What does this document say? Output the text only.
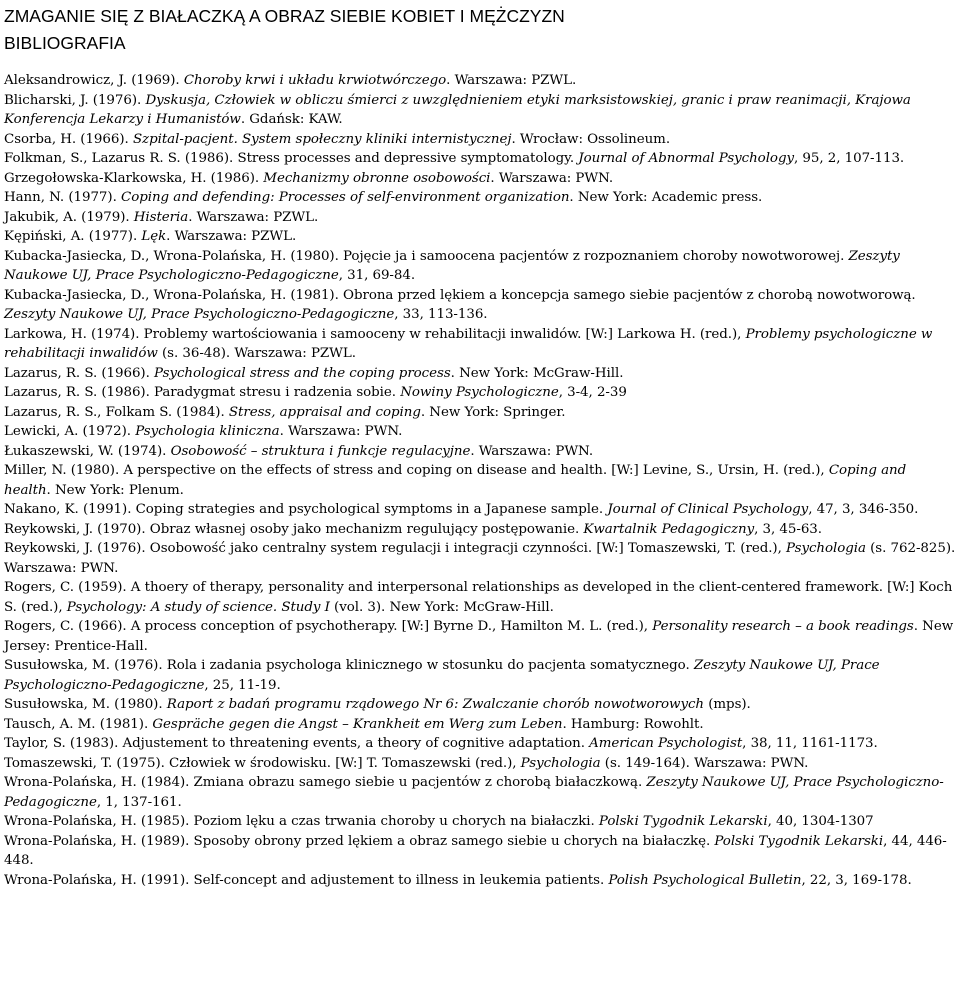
ZMAGANIE SIĘ Z BIAŁACZKĄ A OBRAZ SIEBIE KOBIET I MĘŻCZYZN
BIBLIOGRAFIA

Aleksandrowicz, J. (1969). Choroby krwi i układu krwiotwórczego. Warszawa: PZWL.

Blicharski, J. (1976). Dyskusja, Człowiek w obliczu śmierci z uwzględnieniem etyki marksistowskiej, granic i praw reanimacji, Krajowa Konferencja Lekarzy i Humanistów. Gdańsk: KAW.

Csorba, H. (1966). Szpital-pacjent. System społeczny kliniki internistycznej. Wrocław: Ossolineum.

Folkman, S., Lazarus R. S. (1986). Stress processes and depressive symptomatology. Journal of Abnormal Psychology, 95, 2, 107-113.

Grzegołowska-Klarkowska, H. (1986). Mechanizmy obronne osobowości. Warszawa: PWN.

Hann, N. (1977). Coping and defending: Processes of self-environment organization. New York: Academic press.

Jakubik, A. (1979). Histeria. Warszawa: PZWL.

Kępiński, A. (1977). Lęk. Warszawa: PZWL.

Kubacka-Jasiecka, D., Wrona-Polańska, H. (1980). Pojęcie ja i samoocena pacjentów z rozpoznaniem choroby nowotworowej. Zeszyty Naukowe UJ, Prace Psychologiczno-Pedagogiczne, 31, 69-84.

Kubacka-Jasiecka, D., Wrona-Polańska, H. (1981). Obrona przed lękiem a koncepcja samego siebie pacjentów z chorobą nowotworową. Zeszyty Naukowe UJ, Prace Psychologiczno-Pedagogiczne, 33, 113-136.

Larkowa, H. (1974). Problemy wartościowania i samooceny w rehabilitacji inwalidów. [W:] Larkowa H. (red.), Problemy psychologiczne w rehabilitacji inwalidów (s. 36-48). Warszawa: PZWL.

Lazarus, R. S. (1966). Psychological stress and the coping process. New York: McGraw-Hill.

Lazarus, R. S. (1986). Paradygmat stresu i radzenia sobie. Nowiny Psychologiczne, 3-4, 2-39

Lazarus, R. S., Folkam S. (1984). Stress, appraisal and coping. New York: Springer.

Lewicki, A. (1972). Psychologia kliniczna. Warszawa: PWN.

Łukaszewski, W. (1974). Osobowość – struktura i funkcje regulacyjne. Warszawa: PWN.

Miller, N. (1980). A perspective on the effects of stress and coping on disease and health. [W:] Levine, S., Ursin, H. (red.), Coping and health. New York: Plenum.

Nakano, K. (1991). Coping strategies and psychological symptoms in a Japanese sample. Journal of Clinical Psychology, 47, 3, 346-350.

Reykowski, J. (1970). Obraz własnej osoby jako mechanizm regulujący postępowanie. Kwartalnik Pedagogiczny, 3, 45-63.

Reykowski, J. (1976). Osobowość jako centralny system regulacji i integracji czynności. [W:] Tomaszewski, T. (red.), Psychologia (s. 762-825). Warszawa: PWN.

Rogers, C. (1959). A thoery of therapy, personality and interpersonal relationships as developed in the client-centered framework. [W:] Koch S. (red.), Psychology: A study of science. Study I (vol. 3). New York: McGraw-Hill.

Rogers, C. (1966). A process conception of psychotherapy. [W:] Byrne D., Hamilton M. L. (red.), Personality research – a book readings. New Jersey: Prentice-Hall.

Susułowska, M. (1976). Rola i zadania psychologa klinicznego w stosunku do pacjenta somatycznego. Zeszyty Naukowe UJ, Prace Psychologiczno-Pedagogiczne, 25, 11-19.

Susułowska, M. (1980). Raport z badań programu rządowego Nr 6: Zwalczanie chorób nowotworowych (mps).

Tausch, A. M. (1981). Gespräche gegen die Angst – Krankheit em Werg zum Leben. Hamburg: Rowohlt.

Taylor, S. (1983). Adjustement to threatening events, a theory of cognitive adaptation. American Psychologist, 38, 11, 1161-1173.

Tomaszewski, T. (1975). Człowiek w środowisku. [W:] T. Tomaszewski (red.), Psychologia (s. 149-164). Warszawa: PWN.

Wrona-Polańska, H. (1984). Zmiana obrazu samego siebie u pacjentów z chorobą białaczkową. Zeszyty Naukowe UJ, Prace Psychologiczno-Pedagogiczne, 1, 137-161.

Wrona-Polańska, H. (1985). Poziom lęku a czas trwania choroby u chorych na białaczki. Polski Tygodnik Lekarski, 40, 1304-1307

Wrona-Polańska, H. (1989). Sposoby obrony przed lękiem a obraz samego siebie u chorych na białaczkę. Polski Tygodnik Lekarski, 44, 446-448.

Wrona-Polańska, H. (1991). Self-concept and adjustement to illness in leukemia patients. Polish Psychological Bulletin, 22, 3, 169-178.
